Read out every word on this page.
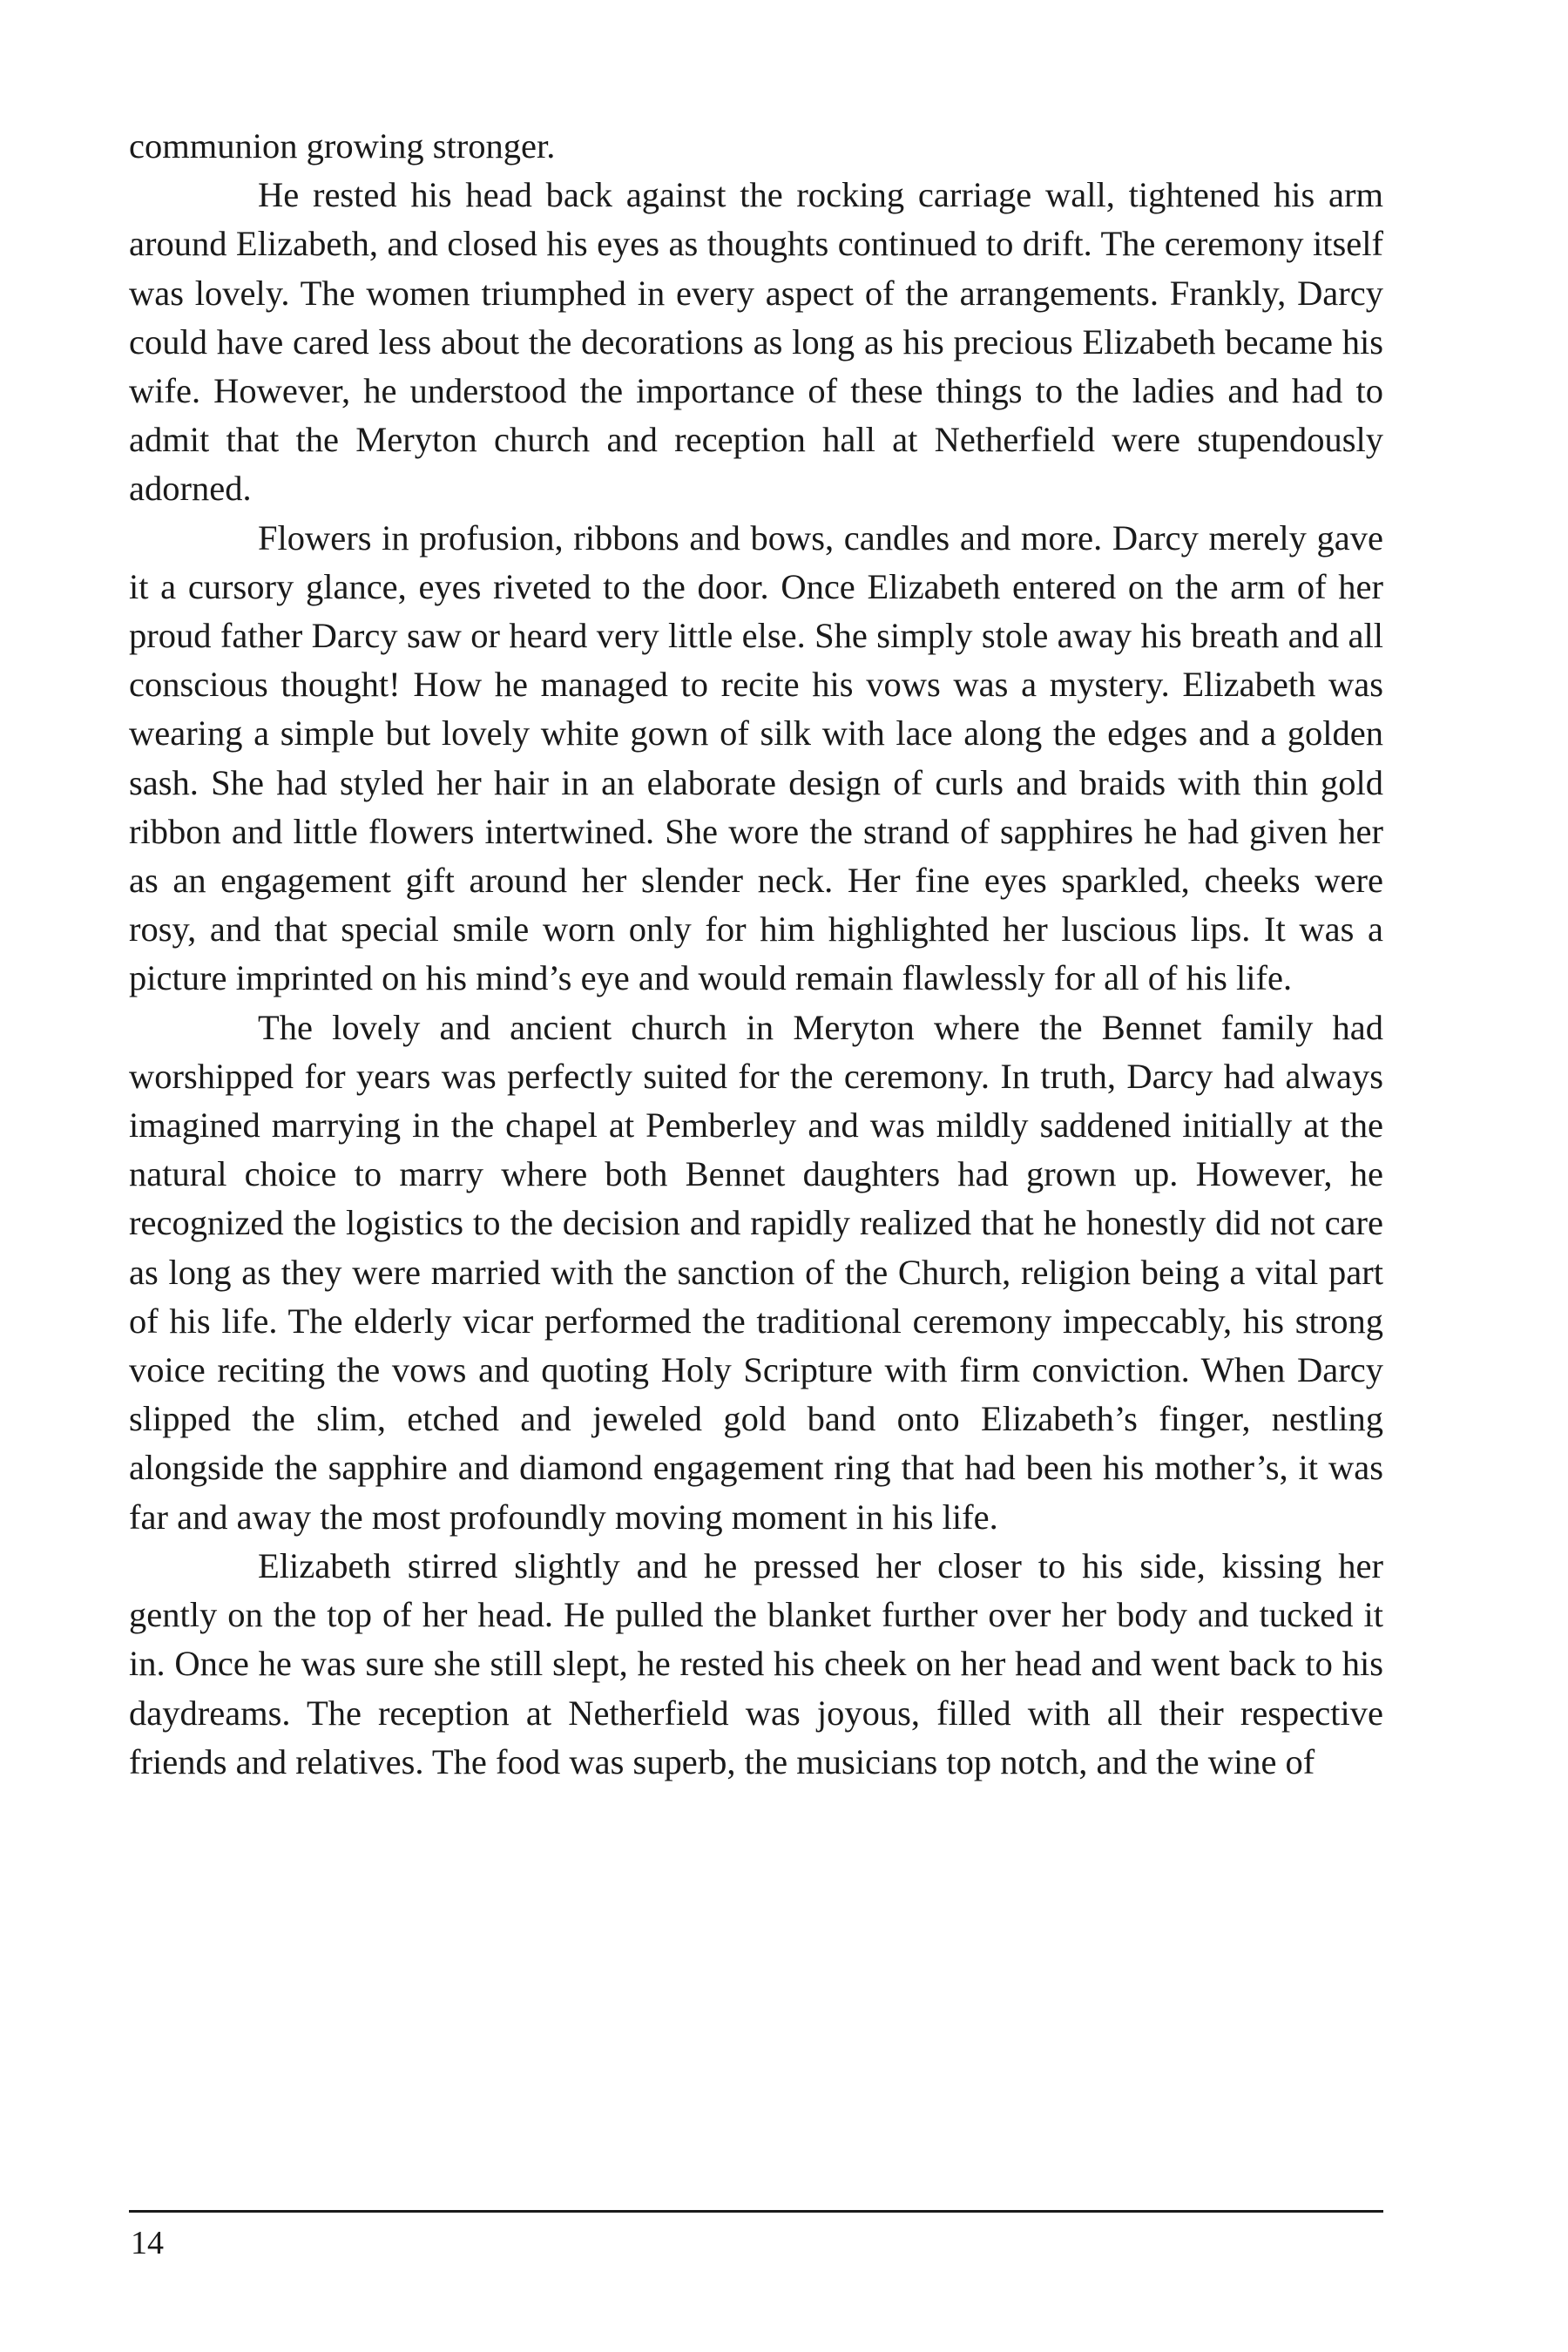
communion growing stronger.

He rested his head back against the rocking carriage wall, tightened his arm around Elizabeth, and closed his eyes as thoughts continued to drift. The ceremony itself was lovely. The women triumphed in every aspect of the arrangements. Frankly, Darcy could have cared less about the decorations as long as his precious Elizabeth became his wife. However, he understood the importance of these things to the ladies and had to admit that the Meryton church and reception hall at Netherfield were stupendously adorned.

Flowers in profusion, ribbons and bows, candles and more. Darcy merely gave it a cursory glance, eyes riveted to the door. Once Elizabeth entered on the arm of her proud father Darcy saw or heard very little else. She simply stole away his breath and all conscious thought! How he managed to recite his vows was a mystery. Elizabeth was wearing a simple but lovely white gown of silk with lace along the edges and a golden sash. She had styled her hair in an elaborate design of curls and braids with thin gold ribbon and little flowers intertwined. She wore the strand of sapphires he had given her as an engagement gift around her slender neck. Her fine eyes sparkled, cheeks were rosy, and that special smile worn only for him highlighted her luscious lips. It was a picture imprinted on his mind’s eye and would remain flawlessly for all of his life.

The lovely and ancient church in Meryton where the Bennet family had worshipped for years was perfectly suited for the ceremony. In truth, Darcy had always imagined marrying in the chapel at Pemberley and was mildly saddened initially at the natural choice to marry where both Bennet daughters had grown up. However, he recognized the logistics to the decision and rapidly realized that he honestly did not care as long as they were married with the sanction of the Church, religion being a vital part of his life. The elderly vicar performed the traditional ceremony impeccably, his strong voice reciting the vows and quoting Holy Scripture with firm conviction. When Darcy slipped the slim, etched and jeweled gold band onto Elizabeth’s finger, nestling alongside the sapphire and diamond engagement ring that had been his mother’s, it was far and away the most profoundly moving moment in his life.

Elizabeth stirred slightly and he pressed her closer to his side, kissing her gently on the top of her head. He pulled the blanket further over her body and tucked it in. Once he was sure she still slept, he rested his cheek on her head and went back to his daydreams. The reception at Netherfield was joyous, filled with all their respective friends and relatives. The food was superb, the musicians top notch, and the wine of

14
